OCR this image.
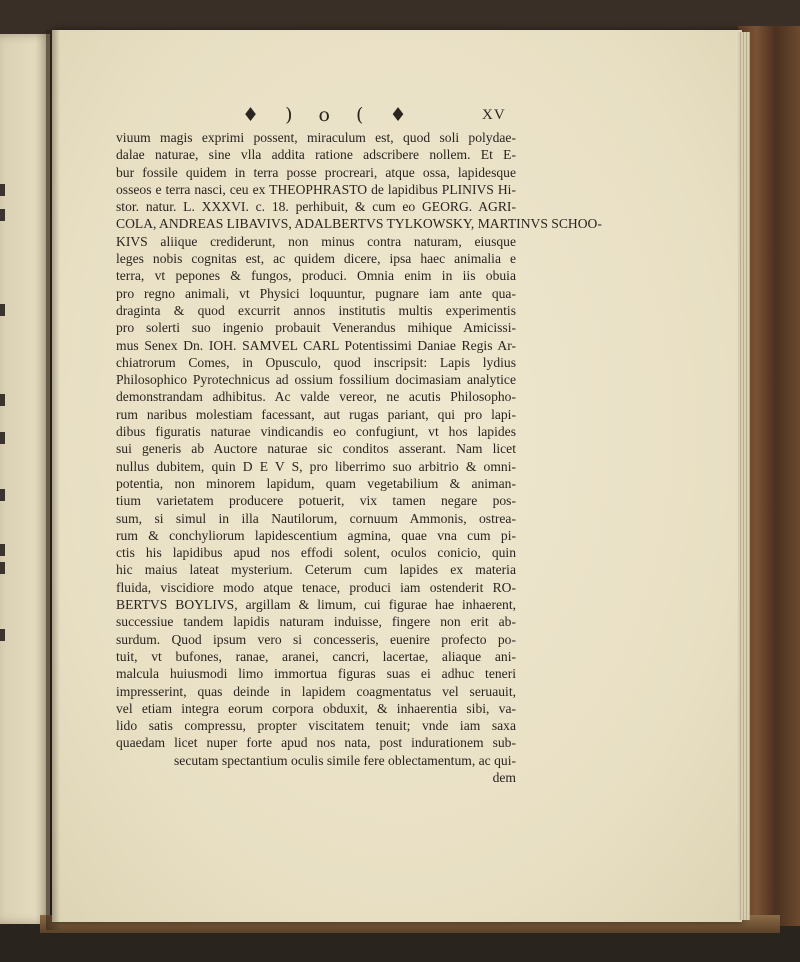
♦ ) o ( ♦	XV
viuum magis exprimi possent, miraculum est, quod soli polydae-
dalae naturae, sine vlla addita ratione adscribere nollem. Et E-
bur fossile quidem in terra posse procreari, atque ossa, lapidesque
osseos e terra nasci, ceu ex THEOPHRASTO de lapidibus PLINIVS Hi-
stor. natur. L. XXXVI. c. 18. perhibuit, & cum eo GEORG. AGRI-
COLA, ANDREAS LIBAVIVS, ADALBERTVS TYLKOWSKY, MARTINVS SCHOO-
KIVS aliique crediderunt, non minus contra naturam, eiusque
leges nobis cognitas est, ac quidem dicere, ipsa haec animalia e
terra, vt pepones & fungos, produci. Omnia enim in iis obuia
pro regno animali, vt Physici loquuntur, pugnare iam ante qua-
draginta & quod excurrit annos institutis multis experimentis
pro solerti suo ingenio probauit Venerandus mihique Amicissi-
mus Senex Dn. IOH. SAMVEL CARL Potentissimi Daniae Regis Ar-
chiatrorum Comes, in Opusculo, quod inscripsit: Lapis lydius
Philosophico Pyrotechnicus ad ossium fossilium docimasiam analytice
demonstrandam adhibitus. Ac valde vereor, ne acutis Philosopho-
rum naribus molestiam facessant, aut rugas pariant, qui pro lapi-
dibus figuratis naturae vindicandis eo confugiunt, vt hos lapides
sui generis ab Auctore naturae sic conditos asserant. Nam licet
nullus dubitem, quin D E V S, pro liberrimo suo arbitrio & omni-
potentia, non minorem lapidum, quam vegetabilium & animan-
tium varietatem producere potuerit, vix tamen negare pos-
sum, si simul in illa Nautilorum, cornuum Ammonis, ostrea-
rum & conchyliorum lapidescentium agmina, quae vna cum pi-
ctis his lapidibus apud nos effodi solent, oculos conicio, quin
hic maius lateat mysterium. Ceterum cum lapides ex materia
fluida, viscidiore modo atque tenace, produci iam ostenderit RO-
BERTVS BOYLIVS, argillam & limum, cui figurae hae inhaerent,
successiue tandem lapidis naturam induisse, fingere non erit ab-
surdum. Quod ipsum vero si concesseris, euenire profecto po-
tuit, vt bufones, ranae, aranei, cancri, lacertae, aliaque ani-
malcula huiusmodi limo immortua figuras suas ei adhuc teneri
impresserint, quas deinde in lapidem coagmentatus vel seruauit,
vel etiam integra eorum corpora obduxit, & inhaerentia sibi, va-
lido satis compressu, propter viscitatem tenuit; vnde iam saxa
quaedam licet nuper forte apud nos nata, post indurationem sub-
secutam spectantium oculis simile fere oblectamentum, ac qui-
dem
